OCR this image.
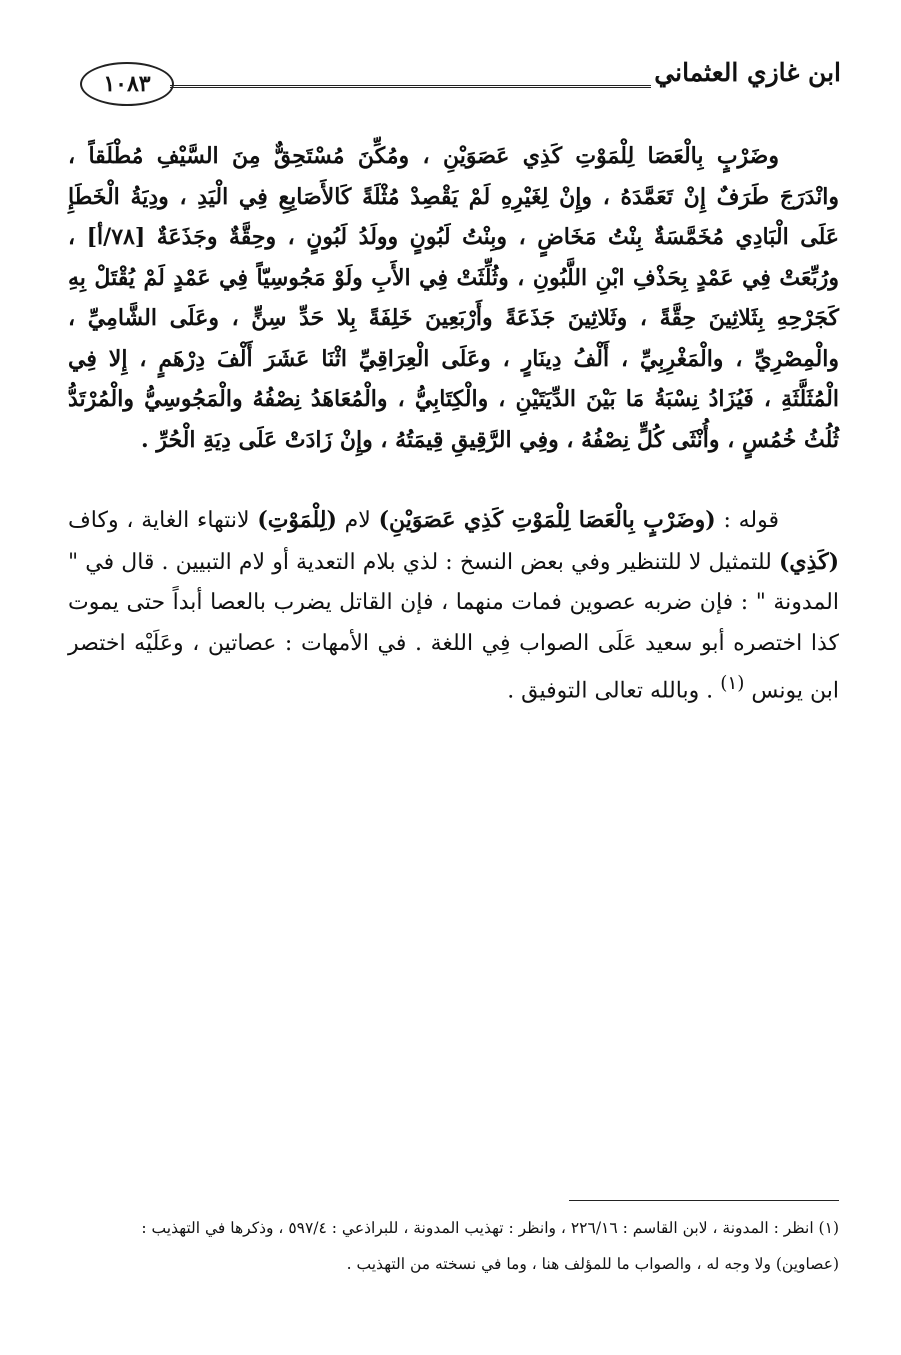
ابن غازي العثماني
١٠٨٣
وضَرْبٍ بِالْعَصَا لِلْمَوْتِ كَذِي عَصَوَيْنِ ، ومُكِّنَ مُسْتَحِقٌّ مِنَ السَّيْفِ مُطْلَقاً ، وانْدَرَجَ طَرَفٌ إِنْ تَعَمَّدَهُ ، وإِنْ لِغَيْرِهِ لَمْ يَقْصِدْ مُثْلَةً كَالأَصَابِعِ فِي الْيَدِ ، ودِيَةُ الْخَطَإِ عَلَى الْبَادِي مُخَمَّسَةٌ بِنْتُ مَخَاضٍ ، وبِنْتُ لَبُونٍ وولَدُ لَبُونٍ ، وحِقَّةٌ وجَذَعَةٌ [٧٨/أ] ، ورُبِّعَتْ فِي عَمْدٍ بِحَذْفِ ابْنِ اللَّبُونِ ، وثُلِّثَتْ فِي الأَبِ ولَوْ مَجُوسِيّاً فِي عَمْدٍ لَمْ يُقْتَلْ بِهِ كَجَرْحِهِ بِثَلاثِينَ حِقَّةً ، وثَلاثِينَ جَذَعَةً وأَرْبَعِينَ خَلِفَةً بِلا حَدِّ سِنٍّ ، وعَلَى الشَّامِيِّ ، والْمِصْرِيِّ ، والْمَغْرِبِيِّ ، أَلْفُ دِينَارٍ ، وعَلَى الْعِرَاقِيِّ اثْنَا عَشَرَ أَلْفَ دِرْهَمٍ ، إِلا فِي الْمُثَلَّثَةِ ، فَيُزَادُ نِسْبَةُ مَا بَيْنَ الدِّيَتَيْنِ ، والْكِتَابِيُّ ، والْمُعَاهَدُ نِصْفُهُ والْمَجُوسِيُّ والْمُرْتَدُّ ثُلُثُ خُمُسٍ ، وأُنْثَى كُلٍّ نِصْفُهُ ، وفِي الرَّقِيقِ قِيمَتُهُ ، وإِنْ زَادَتْ عَلَى دِيَةِ الْحُرِّ .
قوله : (وضَرْبٍ بِالْعَصَا لِلْمَوْتِ كَذِي عَصَوَيْنِ) لام (لِلْمَوْتِ) لانتهاء الغاية ، وكاف (كَذِي) للتمثيل لا للتنظير وفي بعض النسخ : لذي بلام التعدية أو لام التبيين . قال في " المدونة " : فإن ضربه عصوين فمات منهما ، فإن القاتل يضرب بالعصا أبداً حتى يموت كذا اختصره أبو سعيد عَلَى الصواب فِي اللغة . في الأمهات : عصاتين ، وعَلَيْه اختصر ابن يونس $^{(١)}$ . وبالله تعالى التوفيق .

(١) انظر : المدونة ، لابن القاسم : ٢٢٦/١٦ ، وانظر : تهذيب المدونة ، للبراذعي : ٥٩٧/٤ ، وذكرها في التهذيب :

(عصاوين) ولا وجه له ، والصواب ما للمؤلف هنا ، وما في نسخته من التهذيب .
